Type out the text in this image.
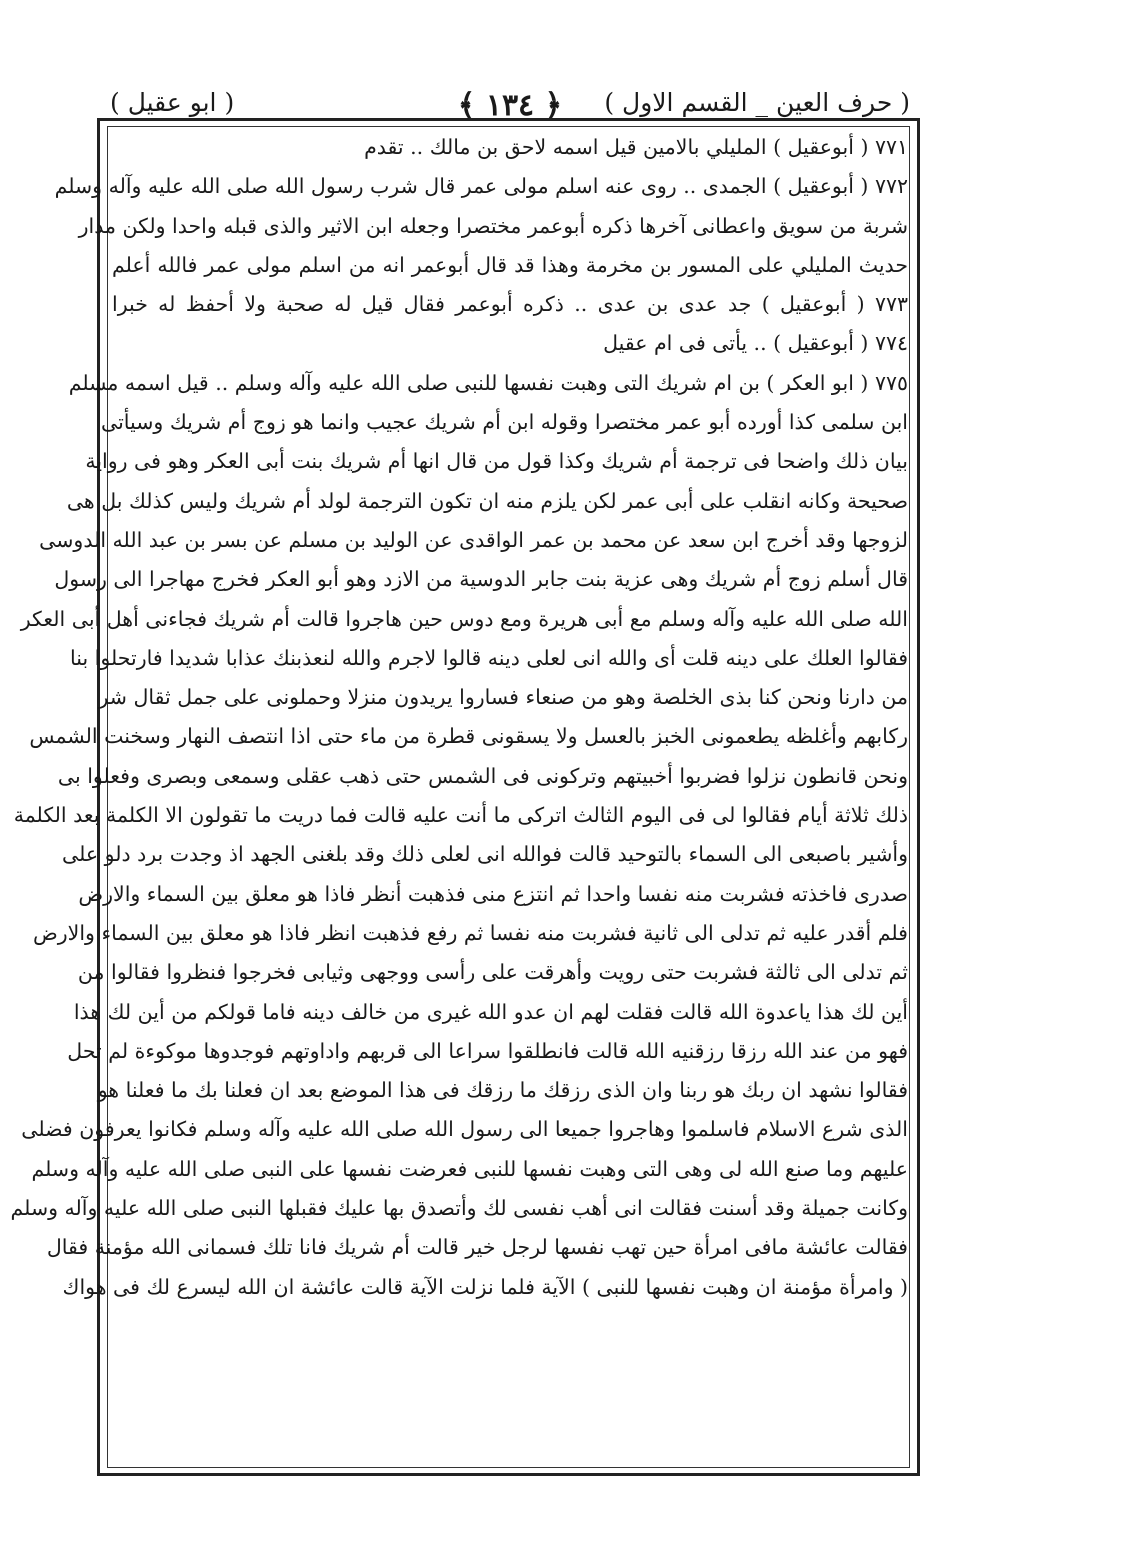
( حرف العين _ القسم الاول )
﴿ ١٣٤ ﴾
( ابو عقيل )
٧٧١ ( أبوعقيل ) المليلي بالامين قيل اسمه لاحق بن مالك .. تقدم
٧٧٢ ( أبوعقيل ) الجمدى .. روى عنه اسلم مولى عمر قال شرب رسول الله صلى الله عليه وآله وسلم
شربة من سويق واعطانى آخرها ذكره أبوعمر مختصرا وجعله ابن الاثير والذى قبله واحدا ولكن مدار
حديث المليلي على المسور بن مخرمة وهذا قد قال أبوعمر انه من اسلم مولى عمر فالله أعلم
٧٧٣ ( أبوعقيل ) جد عدى بن عدى .. ذكره أبوعمر فقال قيل له صحبة ولا أحفظ له خبرا
٧٧٤ ( أبوعقيل ) .. يأتى فى ام عقيل
٧٧٥ ( ابو العكر ) بن ام شريك التى وهبت نفسها للنبى صلى الله عليه وآله وسلم .. قيل اسمه مسلم
ابن سلمى كذا أورده أبو عمر مختصرا وقوله ابن أم شريك عجيب وانما هو زوج أم شريك وسيأتى
بيان ذلك واضحا فى ترجمة أم شريك وكذا قول من قال انها أم شريك بنت أبى العكر وهو فى رواية
صحيحة وكانه انقلب على أبى عمر لكن يلزم منه ان تكون الترجمة لولد أم شريك وليس كذلك بل هى
لزوجها وقد أخرج ابن سعد عن محمد بن عمر الواقدى عن الوليد بن مسلم عن بسر بن عبد الله الدوسى
قال أسلم زوج أم شريك وهى عزية بنت جابر الدوسية من الازد وهو أبو العكر فخرج مهاجرا الى رسول
الله صلى الله عليه وآله وسلم مع أبى هريرة ومع دوس حين هاجروا قالت أم شريك فجاءنى أهل أبى العكر
فقالوا العلك على دينه قلت أى والله انى لعلى دينه قالوا لاجرم والله لنعذبنك عذابا شديدا فارتحلوا بنا
من دارنا ونحن كنا بذى الخلصة وهو من صنعاء فساروا يريدون منزلا وحملونى على جمل ثقال شر
ركابهم وأغلظه يطعمونى الخبز بالعسل ولا يسقونى قطرة من ماء حتى اذا انتصف النهار وسخنت الشمس
ونحن قانطون نزلوا فضربوا أخبيتهم وتركونى فى الشمس حتى ذهب عقلى وسمعى وبصرى وفعلوا بى
ذلك ثلاثة أيام فقالوا لى فى اليوم الثالث اتركى ما أنت عليه قالت فما دريت ما تقولون الا الكلمة بعد الكلمة
وأشير باصبعى الى السماء بالتوحيد قالت فوالله انى لعلى ذلك وقد بلغنى الجهد اذ وجدت برد دلو على
صدرى فاخذته فشربت منه نفسا واحدا ثم انتزع منى فذهبت أنظر فاذا هو معلق بين السماء والارض
فلم أقدر عليه ثم تدلى الى ثانية فشربت منه نفسا ثم رفع فذهبت انظر فاذا هو معلق بين السماء والارض
ثم تدلى الى ثالثة فشربت حتى رويت وأهرقت على رأسى ووجهى وثيابى فخرجوا فنظروا فقالوا من
أين لك هذا ياعدوة الله قالت فقلت لهم ان عدو الله غيرى من خالف دينه فاما قولكم من أين لك هذا
فهو من عند الله رزقا رزقنيه الله قالت فانطلقوا سراعا الى قربهم واداوتهم فوجدوها موكوءة لم تحل
فقالوا نشهد ان ربك هو ربنا وان الذى رزقك ما رزقك فى هذا الموضع بعد ان فعلنا بك ما فعلنا هو
الذى شرع الاسلام فاسلموا وهاجروا جميعا الى رسول الله صلى الله عليه وآله وسلم فكانوا يعرفون فضلى
عليهم وما صنع الله لى وهى التى وهبت نفسها للنبى فعرضت نفسها على النبى صلى الله عليه وآله وسلم
وكانت جميلة وقد أسنت فقالت انى أهب نفسى لك وأتصدق بها عليك فقبلها النبى صلى الله عليه وآله وسلم
فقالت عائشة مافى امرأة حين تهب نفسها لرجل خير قالت أم شريك فانا تلك فسمانى الله مؤمنة فقال
( وامرأة مؤمنة ان وهبت نفسها للنبى ) الآية فلما نزلت الآية قالت عائشة ان الله ليسرع لك فى هواك
